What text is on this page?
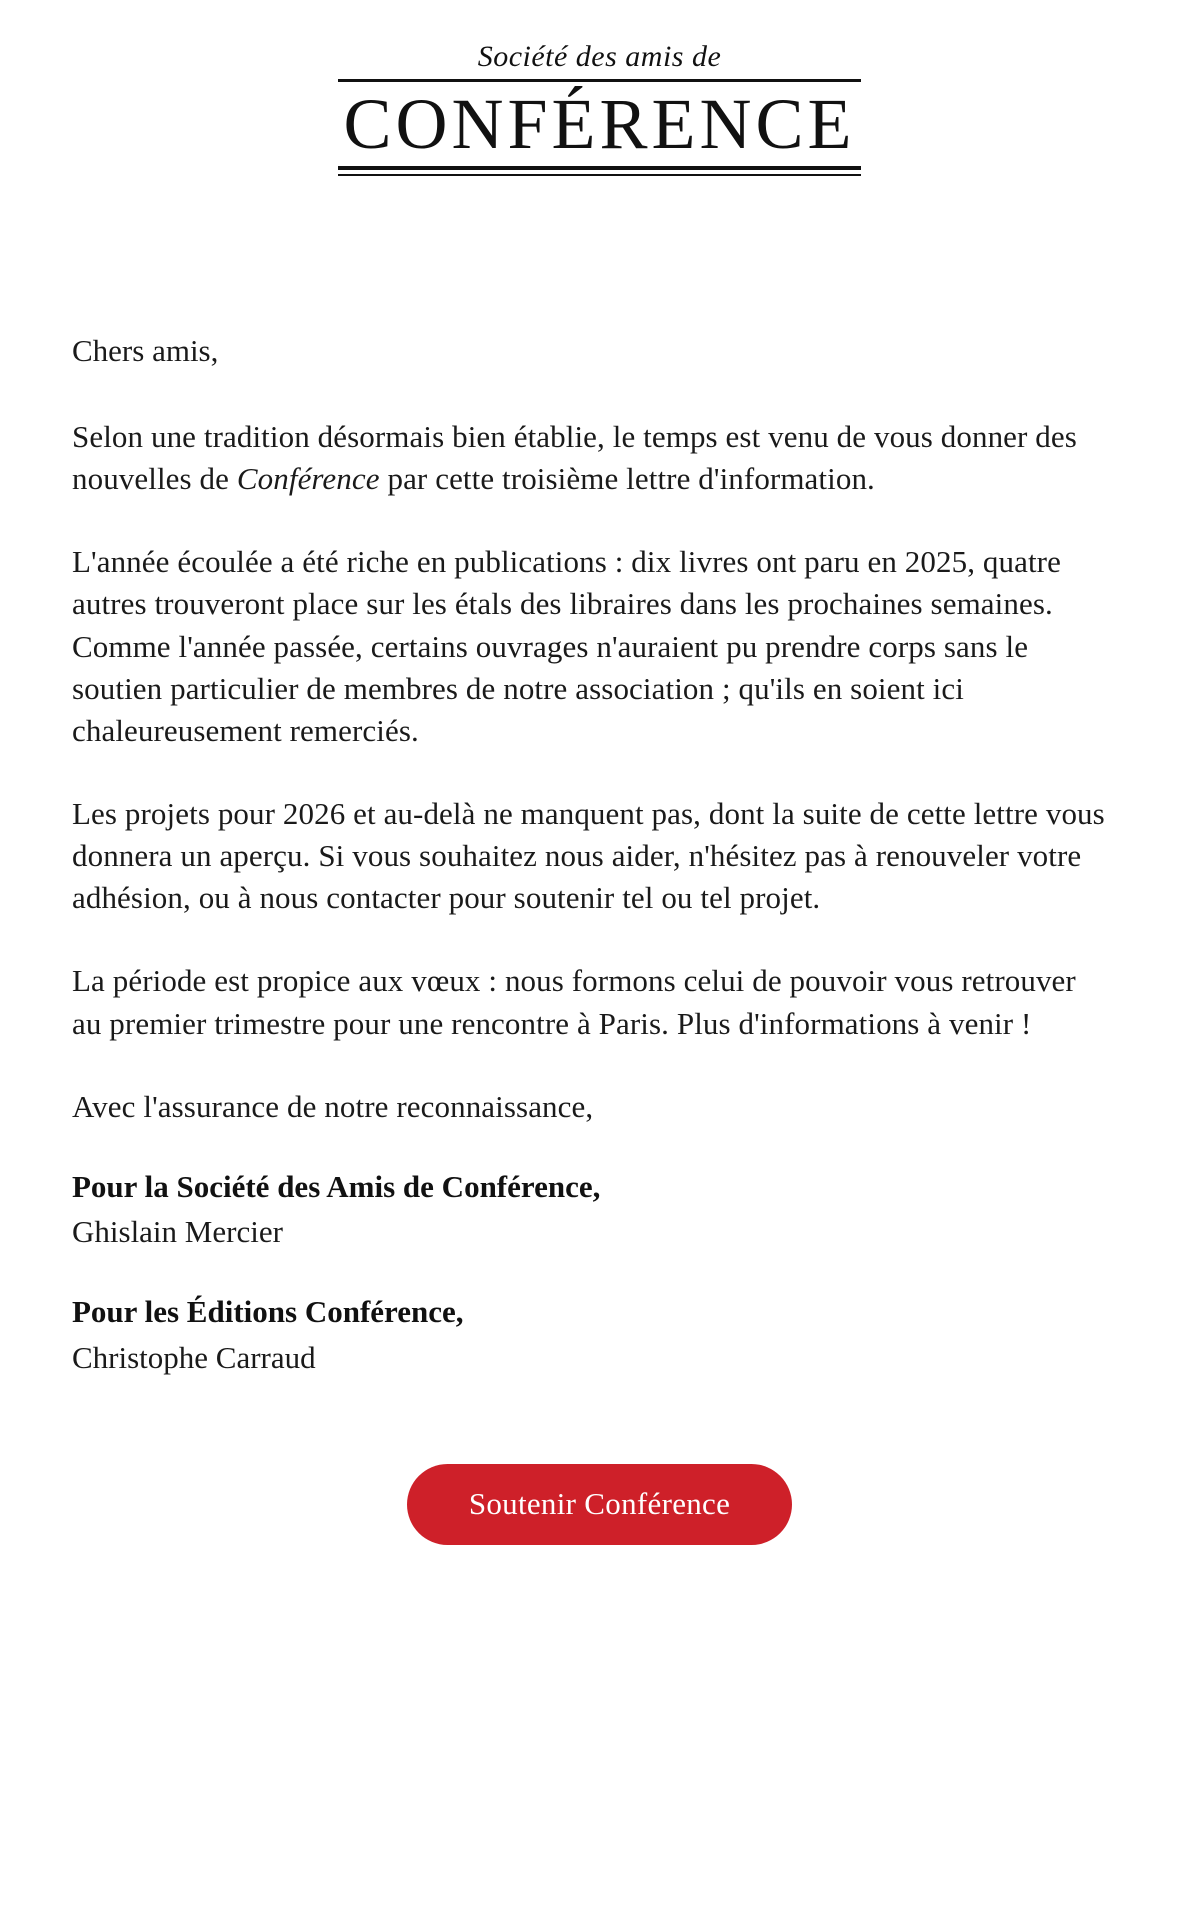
Société des amis de
CONFÉRENCE

Chers amis,

Selon une tradition désormais bien établie, le temps est venu de vous donner des nouvelles de Conférence par cette troisième lettre d'information.

L'année écoulée a été riche en publications : dix livres ont paru en 2025, quatre autres trouveront place sur les étals des libraires dans les prochaines semaines. Comme l'année passée, certains ouvrages n'auraient pu prendre corps sans le soutien particulier de membres de notre association ; qu'ils en soient ici chaleureusement remerciés.

Les projets pour 2026 et au-delà ne manquent pas, dont la suite de cette lettre vous donnera un aperçu. Si vous souhaitez nous aider, n'hésitez pas à renouveler votre adhésion, ou à nous contacter pour soutenir tel ou tel projet.

La période est propice aux vœux : nous formons celui de pouvoir vous retrouver au premier trimestre pour une rencontre à Paris. Plus d'informations à venir !

Avec l'assurance de notre reconnaissance,

Pour la Société des Amis de Conférence,

Ghislain Mercier

Pour les Éditions Conférence,

Christophe Carraud

Soutenir Conférence
